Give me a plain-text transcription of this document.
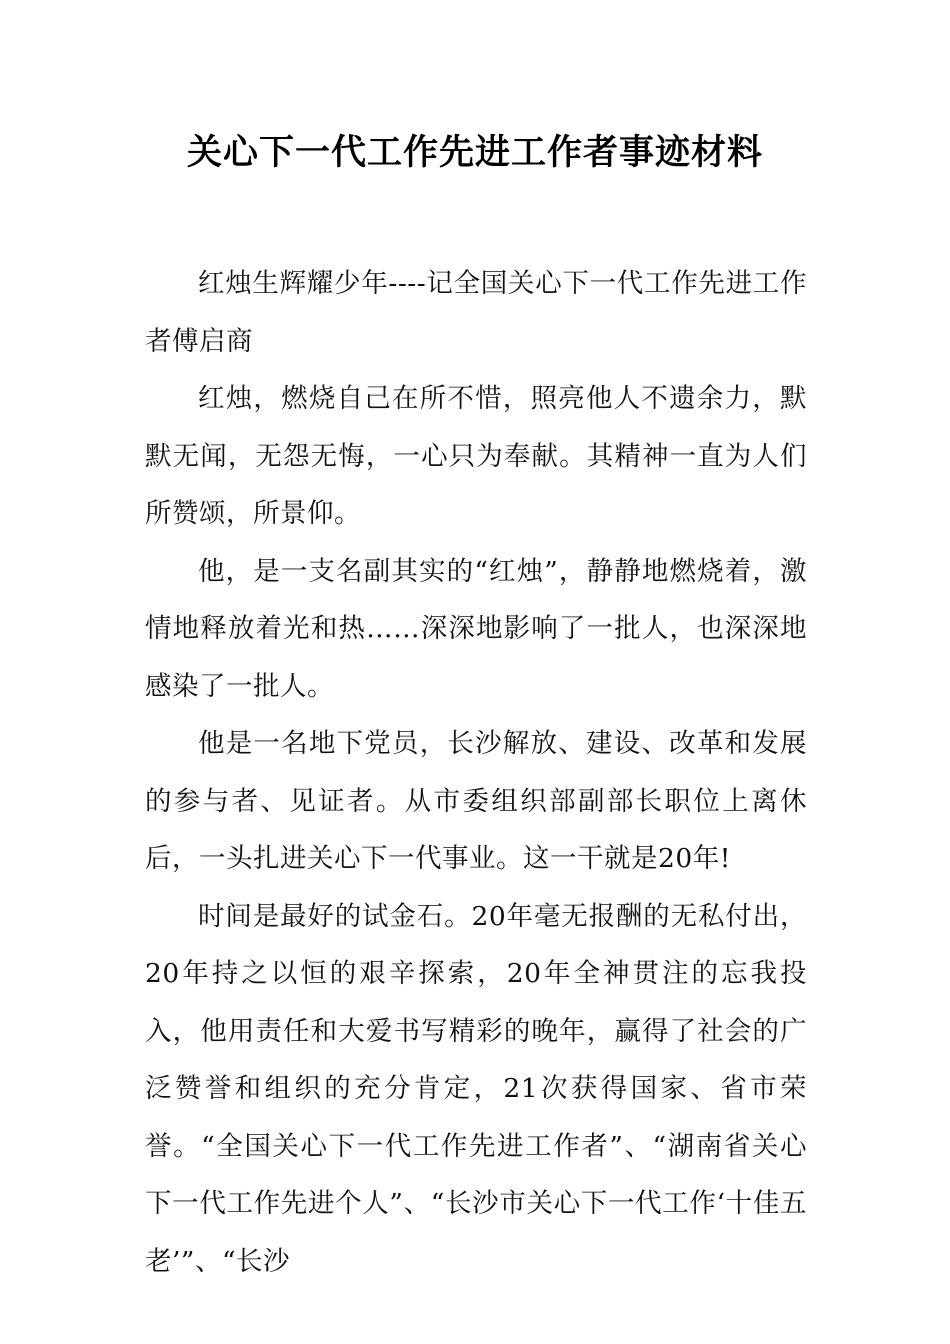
关心下一代工作先进工作者事迹材料

红烛生辉耀少年----记全国关心下一代工作先进工作者傅启商

红烛，燃烧自己在所不惜，照亮他人不遗余力，默默无闻，无怨无悔，一心只为奉献。其精神一直为人们所赞颂，所景仰。

他，是一支名副其实的“红烛”，静静地燃烧着，激情地释放着光和热……深深地影响了一批人，也深深地感染了一批人。

他是一名地下党员，长沙解放、建设、改革和发展的参与者、见证者。从市委组织部副部长职位上离休后，一头扎进关心下一代事业。这一干就是20年!

时间是最好的试金石。20年毫无报酬的无私付出，20年持之以恒的艰辛探索，20年全神贯注的忘我投入，他用责任和大爱书写精彩的晚年，赢得了社会的广泛赞誉和组织的充分肯定，21次获得国家、省市荣誉。“全国关心下一代工作先进工作者”、“湖南省关心下一代工作先进个人”、“长沙市关心下一代工作‘十佳五老’”、“长沙
